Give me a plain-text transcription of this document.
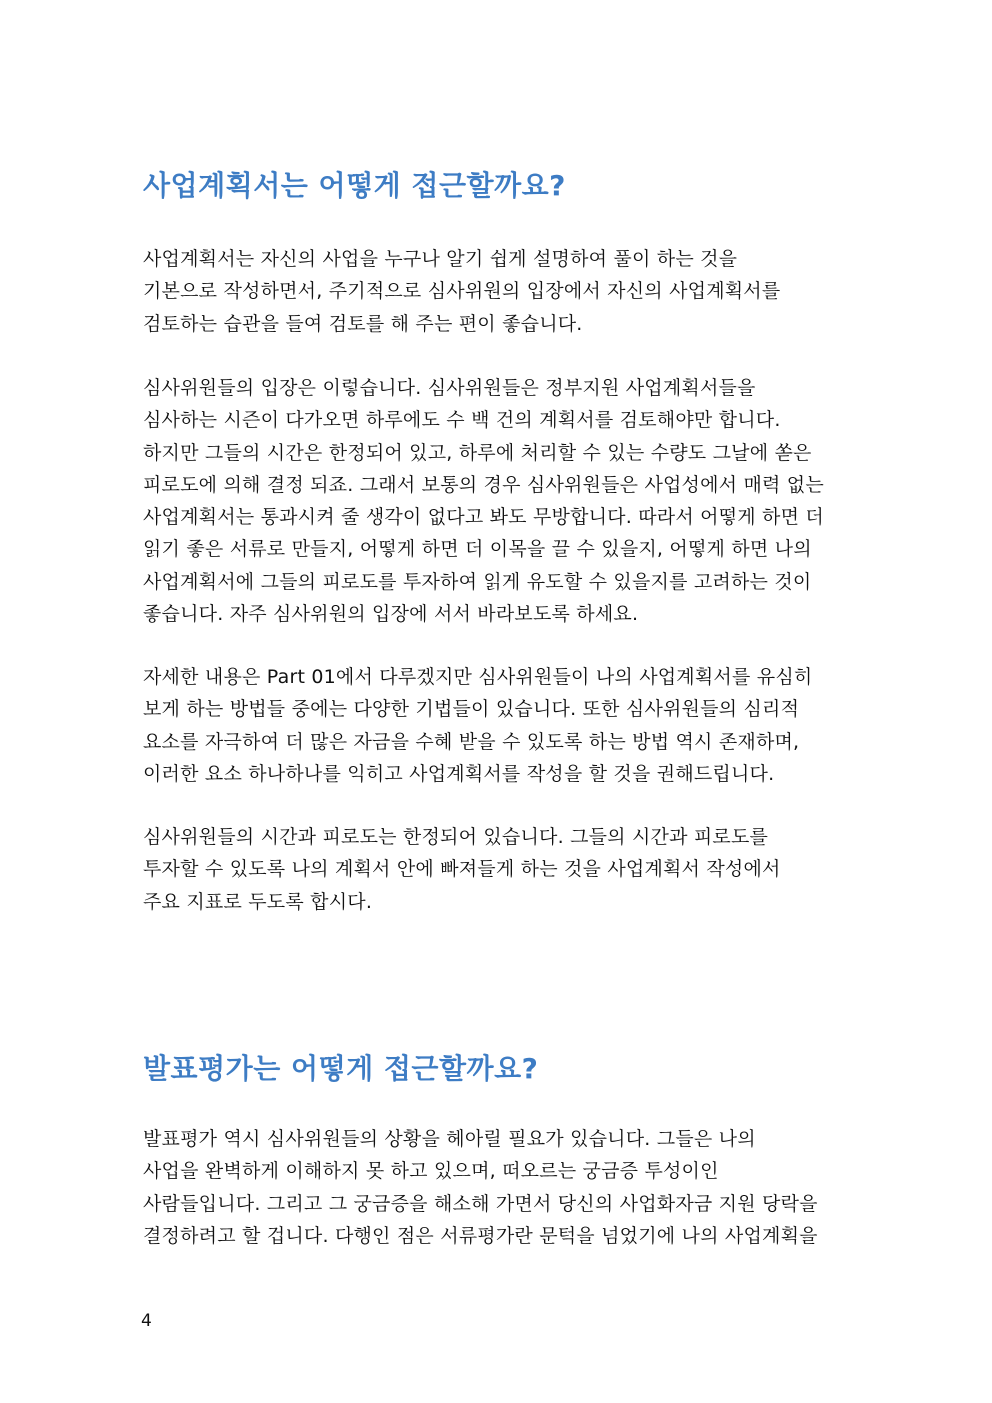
사업계획서는 어떻게 접근할까요?
사업계획서는 자신의 사업을 누구나 알기 쉽게 설명하여 풀이 하는 것을
기본으로 작성하면서, 주기적으로 심사위원의 입장에서 자신의 사업계획서를
검토하는 습관을 들여 검토를 해 주는 편이 좋습니다.
심사위원들의 입장은 이렇습니다. 심사위원들은 정부지원 사업계획서들을
심사하는 시즌이 다가오면 하루에도 수 백 건의 계획서를 검토해야만 합니다.
하지만 그들의 시간은 한정되어 있고, 하루에 처리할 수 있는 수량도 그날에 쏟은
피로도에 의해 결정 되죠. 그래서 보통의 경우 심사위원들은 사업성에서 매력 없는
사업계획서는 통과시켜 줄 생각이 없다고 봐도 무방합니다. 따라서 어떻게 하면 더
읽기 좋은 서류로 만들지, 어떻게 하면 더 이목을 끌 수 있을지, 어떻게 하면 나의
사업계획서에 그들의 피로도를 투자하여 읽게 유도할 수 있을지를 고려하는 것이
좋습니다. 자주 심사위원의 입장에 서서 바라보도록 하세요.
자세한 내용은 Part 01에서 다루겠지만 심사위원들이 나의 사업계획서를 유심히
보게 하는 방법들 중에는 다양한 기법들이 있습니다. 또한 심사위원들의 심리적
요소를 자극하여 더 많은 자금을 수혜 받을 수 있도록 하는 방법 역시 존재하며,
이러한 요소 하나하나를 익히고 사업계획서를 작성을 할 것을 권해드립니다.
심사위원들의 시간과 피로도는 한정되어 있습니다. 그들의 시간과 피로도를
투자할 수 있도록 나의 계획서 안에 빠져들게 하는 것을 사업계획서 작성에서
주요 지표로 두도록 합시다.
발표평가는 어떻게 접근할까요?
발표평가 역시 심사위원들의 상황을 헤아릴 필요가 있습니다. 그들은 나의
사업을 완벽하게 이해하지 못 하고 있으며, 떠오르는 궁금증 투성이인
사람들입니다. 그리고 그 궁금증을 해소해 가면서 당신의 사업화자금 지원 당락을
결정하려고 할 겁니다. 다행인 점은 서류평가란 문턱을 넘었기에 나의 사업계획을
4
